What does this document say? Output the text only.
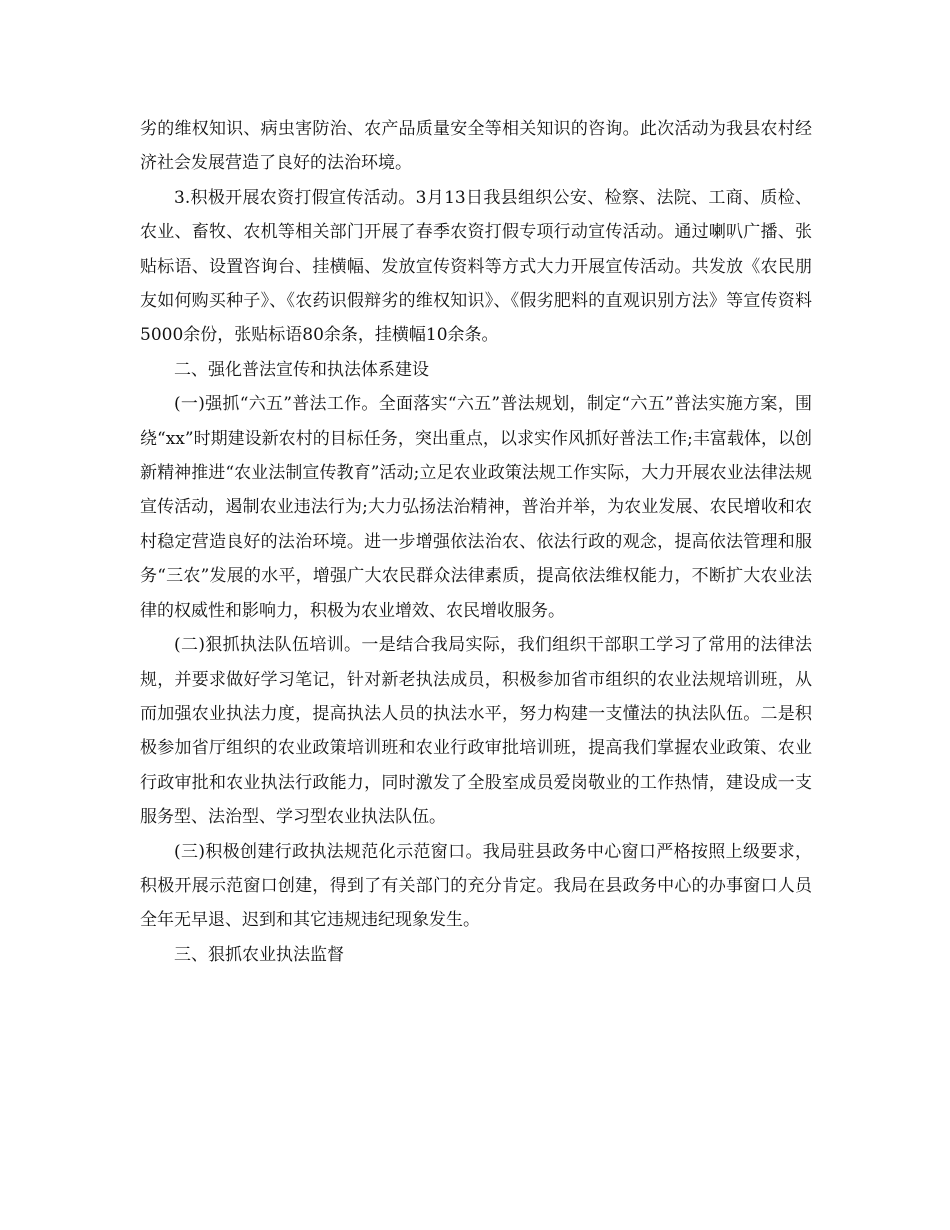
劣的维权知识、病虫害防治、农产品质量安全等相关知识的咨询。此次活动为我县农村经济社会发展营造了良好的法治环境。

3.积极开展农资打假宣传活动。3月13日我县组织公安、检察、法院、工商、质检、农业、畜牧、农机等相关部门开展了春季农资打假专项行动宣传活动。通过喇叭广播、张贴标语、设置咨询台、挂横幅、发放宣传资料等方式大力开展宣传活动。共发放《农民朋友如何购买种子》、《农药识假辩劣的维权知识》、《假劣肥料的直观识别方法》等宣传资料5000余份，张贴标语80余条，挂横幅10余条。

二、强化普法宣传和执法体系建设

(一)强抓“六五”普法工作。全面落实“六五”普法规划，制定“六五”普法实施方案，围绕“xx”时期建设新农村的目标任务，突出重点，以求实作风抓好普法工作;丰富载体，以创新精神推进“农业法制宣传教育”活动;立足农业政策法规工作实际，大力开展农业法律法规宣传活动，遏制农业违法行为;大力弘扬法治精神，普治并举，为农业发展、农民增收和农村稳定营造良好的法治环境。进一步增强依法治农、依法行政的观念，提高依法管理和服务“三农”发展的水平，增强广大农民群众法律素质，提高依法维权能力，不断扩大农业法律的权威性和影响力，积极为农业增效、农民增收服务。

(二)狠抓执法队伍培训。一是结合我局实际，我们组织干部职工学习了常用的法律法规，并要求做好学习笔记，针对新老执法成员，积极参加省市组织的农业法规培训班，从而加强农业执法力度，提高执法人员的执法水平，努力构建一支懂法的执法队伍。二是积极参加省厅组织的农业政策培训班和农业行政审批培训班，提高我们掌握农业政策、农业行政审批和农业执法行政能力，同时激发了全股室成员爱岗敬业的工作热情，建设成一支服务型、法治型、学习型农业执法队伍。

(三)积极创建行政执法规范化示范窗口。我局驻县政务中心窗口严格按照上级要求，积极开展示范窗口创建，得到了有关部门的充分肯定。我局在县政务中心的办事窗口人员全年无早退、迟到和其它违规违纪现象发生。

三、狠抓农业执法监督
